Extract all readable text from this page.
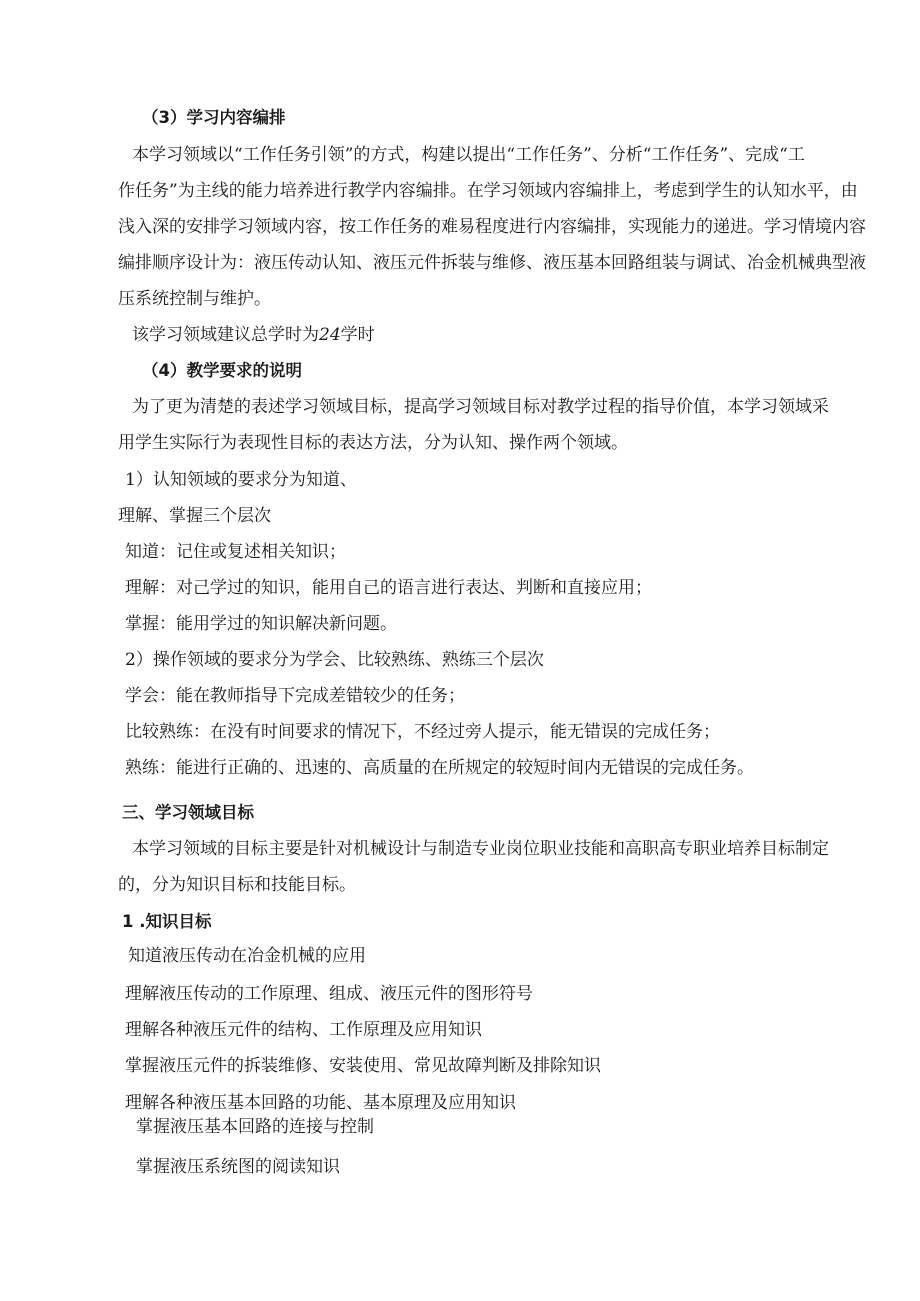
（3）学习内容编排

本学习领域以“工作任务引领”的方式，构建以提出“工作任务”、分析“工作任务”、完成“工

作任务”为主线的能力培养进行教学内容编排。在学习领域内容编排上，考虑到学生的认知水平，由

浅入深的安排学习领域内容，按工作任务的难易程度进行内容编排，实现能力的递进。学习情境内容

编排顺序设计为：液压传动认知、液压元件拆装与维修、液压基本回路组装与调试、冶金机械典型液

压系统控制与维护。

该学习领域建议总学时为24学时

（4）教学要求的说明

为了更为清楚的表述学习领域目标，提高学习领域目标对教学过程的指导价值，本学习领域采

用学生实际行为表现性目标的表达方法，分为认知、操作两个领域。

1）认知领域的要求分为知道、

理解、掌握三个层次

知道：记住或复述相关知识；

理解：对己学过的知识，能用自己的语言进行表达、判断和直接应用；

掌握：能用学过的知识解决新问题。

2）操作领域的要求分为学会、比较熟练、熟练三个层次

学会：能在教师指导下完成差错较少的任务；

比较熟练：在没有时间要求的情况下，不经过旁人提示，能无错误的完成任务；

熟练：能进行正确的、迅速的、高质量的在所规定的较短时间内无错误的完成任务。

三、学习领域目标

本学习领域的目标主要是针对机械设计与制造专业岗位职业技能和高职高专职业培养目标制定

的，分为知识目标和技能目标。

1 .知识目标

知道液压传动在冶金机械的应用

理解液压传动的工作原理、组成、液压元件的图形符号

理解各种液压元件的结构、工作原理及应用知识

掌握液压元件的拆装维修、安装使用、常见故障判断及排除知识

理解各种液压基本回路的功能、基本原理及应用知识

掌握液压基本回路的连接与控制

掌握液压系统图的阅读知识
